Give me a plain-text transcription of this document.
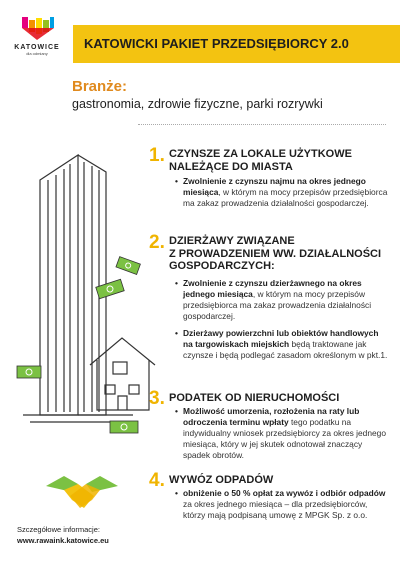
KATOWICE
dla odmiany
KATOWICKI PAKIET PRZEDSIĘBIORCY 2.0
Branże:
gastronomia, zdrowie fizyczne, parki rozrywki
1. CZYNSZE ZA LOKALE UŻYTKOWE
NALEŻĄCE DO MIASTA
• Zwolnienie z czynszu najmu na okres jednego miesiąca, w którym na mocy przepisów przedsiębiorca ma zakaz prowadzenia działalności gospodarczej.
2. DZIERŻAWY ZWIĄZANE
Z PROWADZENIEM WW. DZIAŁALNOŚCI
GOSPODARCZYCH:
• Zwolnienie z czynszu dzierżawnego na okres jednego miesiąca, w którym na mocy przepisów przedsiębiorca ma zakaz prowadzenia działalności gospodarczej.
• Dzierżawy powierzchni lub obiektów handlowych na targowiskach miejskich będą traktowane jak czynsze i będą podlegać zasadom określonym w pkt.1.
3. PODATEK OD NIERUCHOMOŚCI
• Możliwość umorzenia, rozłożenia na raty lub odroczenia terminu wpłaty tego podatku na indywidualny wniosek przedsiębiorcy za okres jednego miesiąca, który w jej skutek odnotował znaczący spadek obrotów.
4. WYWÓZ ODPADÓW
• obniżenie o 50 % opłat za wywóz i odbiór odpadów za okres jednego miesiąca – dla przedsiębiorców, którzy mają podpisaną umowę z MPGK Sp. z o.o.
Szczegółowe informacje:
www.rawaink.katowice.eu
